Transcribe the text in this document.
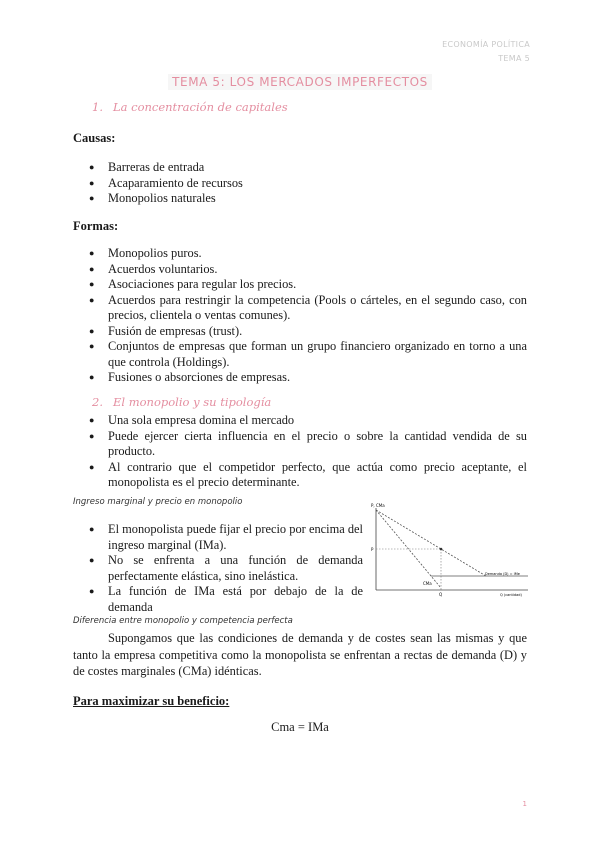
ECONOMÍA POLÍTICA
TEMA 5
TEMA 5: LOS MERCADOS IMPERFECTOS
1. La concentración de capitales
Causas:
● Barreras de entrada
● Acaparamiento de recursos
● Monopolios naturales
Formas:
● Monopolios puros.
● Acuerdos voluntarios.
● Asociaciones para regular los precios.
● Acuerdos para restringir la competencia (Pools o cárteles, en el segundo caso, con precios, clientela o ventas comunes).
● Fusión de empresas (trust).
● Conjuntos de empresas que forman un grupo financiero organizado en torno a una que controla (Holdings).
● Fusiones o absorciones de empresas.
2. El monopolio y su tipología
● Una sola empresa domina el mercado
● Puede ejercer cierta influencia en el precio o sobre la cantidad vendida de su producto.
● Al contrario que el competidor perfecto, que actúa como precio aceptante, el monopolista es el precio determinante.
Ingreso marginal y precio en monopolio
● El monopolista puede fijar el precio por encima del ingreso marginal (IMa).
● No se enfrenta a una función de demanda perfectamente elástica, sino inelástica.
● La función de IMa está por debajo de la de demanda
P, CMa
P
CMa
Q
Demanda (D) = IMe
Q (cantidad)
Diferencia entre monopolio y competencia perfecta
Supongamos que las condiciones de demanda y de costes sean las mismas y que tanto la empresa competitiva como la monopolista se enfrentan a rectas de demanda (D) y de costes marginales (CMa) idénticas.
Para maximizar su beneficio:
Cma = IMa
1
